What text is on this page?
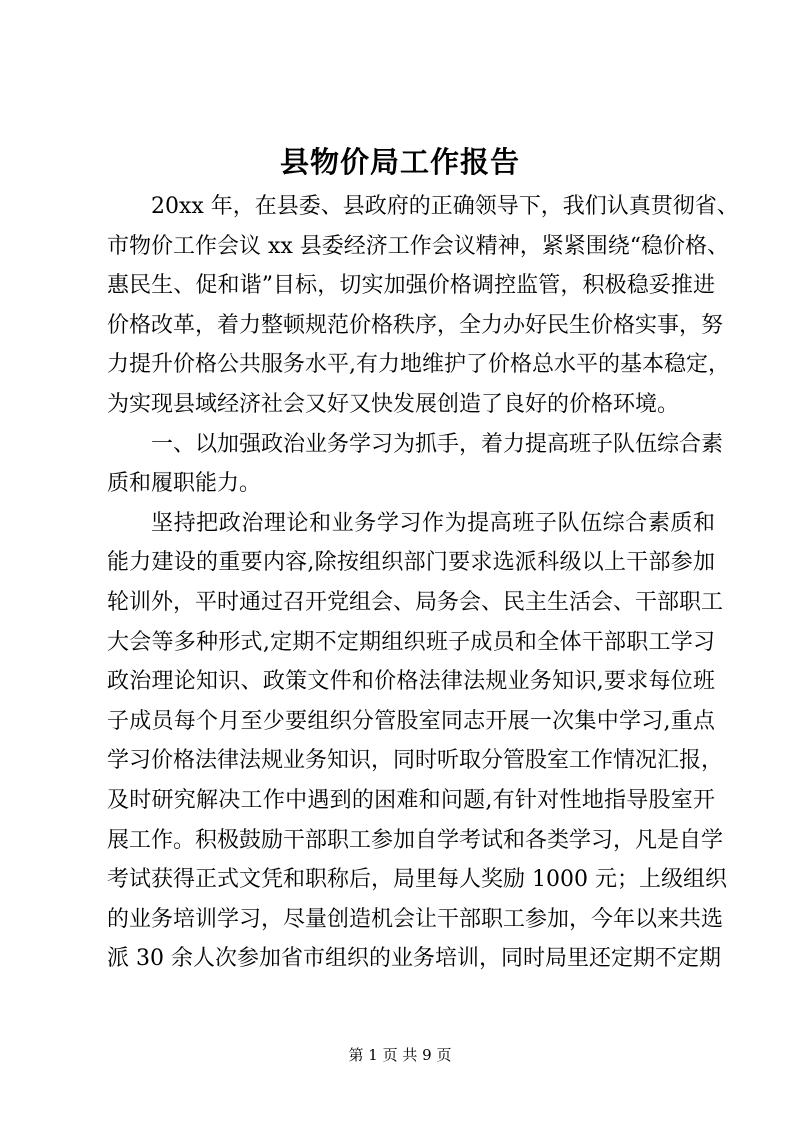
县物价局工作报告
20xx 年，在县委、县政府的正确领导下，我们认真贯彻省、
市物价工作会议 xx 县委经济工作会议精神，紧紧围绕“稳价格、
惠民生、促和谐”目标，切实加强价格调控监管，积极稳妥推进
价格改革，着力整顿规范价格秩序，全力办好民生价格实事，努
力提升价格公共服务水平,有力地维护了价格总水平的基本稳定，
为实现县域经济社会又好又快发展创造了良好的价格环境。
一、以加强政治业务学习为抓手，着力提高班子队伍综合素
质和履职能力。
坚持把政治理论和业务学习作为提高班子队伍综合素质和
能力建设的重要内容,除按组织部门要求选派科级以上干部参加
轮训外，平时通过召开党组会、局务会、民主生活会、干部职工
大会等多种形式,定期不定期组织班子成员和全体干部职工学习
政治理论知识、政策文件和价格法律法规业务知识,要求每位班
子成员每个月至少要组织分管股室同志开展一次集中学习,重点
学习价格法律法规业务知识，同时听取分管股室工作情况汇报，
及时研究解决工作中遇到的困难和问题,有针对性地指导股室开
展工作。积极鼓励干部职工参加自学考试和各类学习，凡是自学
考试获得正式文凭和职称后，局里每人奖励 1000 元；上级组织
的业务培训学习，尽量创造机会让干部职工参加，今年以来共选
派 30 余人次参加省市组织的业务培训，同时局里还定期不定期
第 1 页 共 9 页
